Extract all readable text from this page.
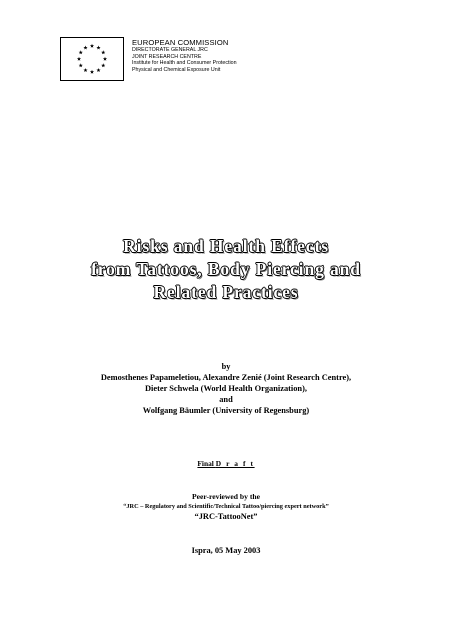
EUROPEAN COMMISSION
DIRECTORATE GENERAL JRC
JOINT RESEARCH CENTRE
Institute for Health and Consumer Protection
Physical and Chemical Exposure Unit
Risks and Health Effects
from Tattoos, Body Piercing and
Related Practices
by
Demosthenes Papameletiou, Alexandre Zenié (Joint Research Centre),
Dieter Schwela (World Health Organization),
and
Wolfgang Bäumler (University of Regensburg)
Final D r a f t
Peer-reviewed by the
“JRC – Regulatory and Scientific/Technical Tattoo/piercing expert network”
“JRC-TattooNet”
Ispra, 05 May 2003
